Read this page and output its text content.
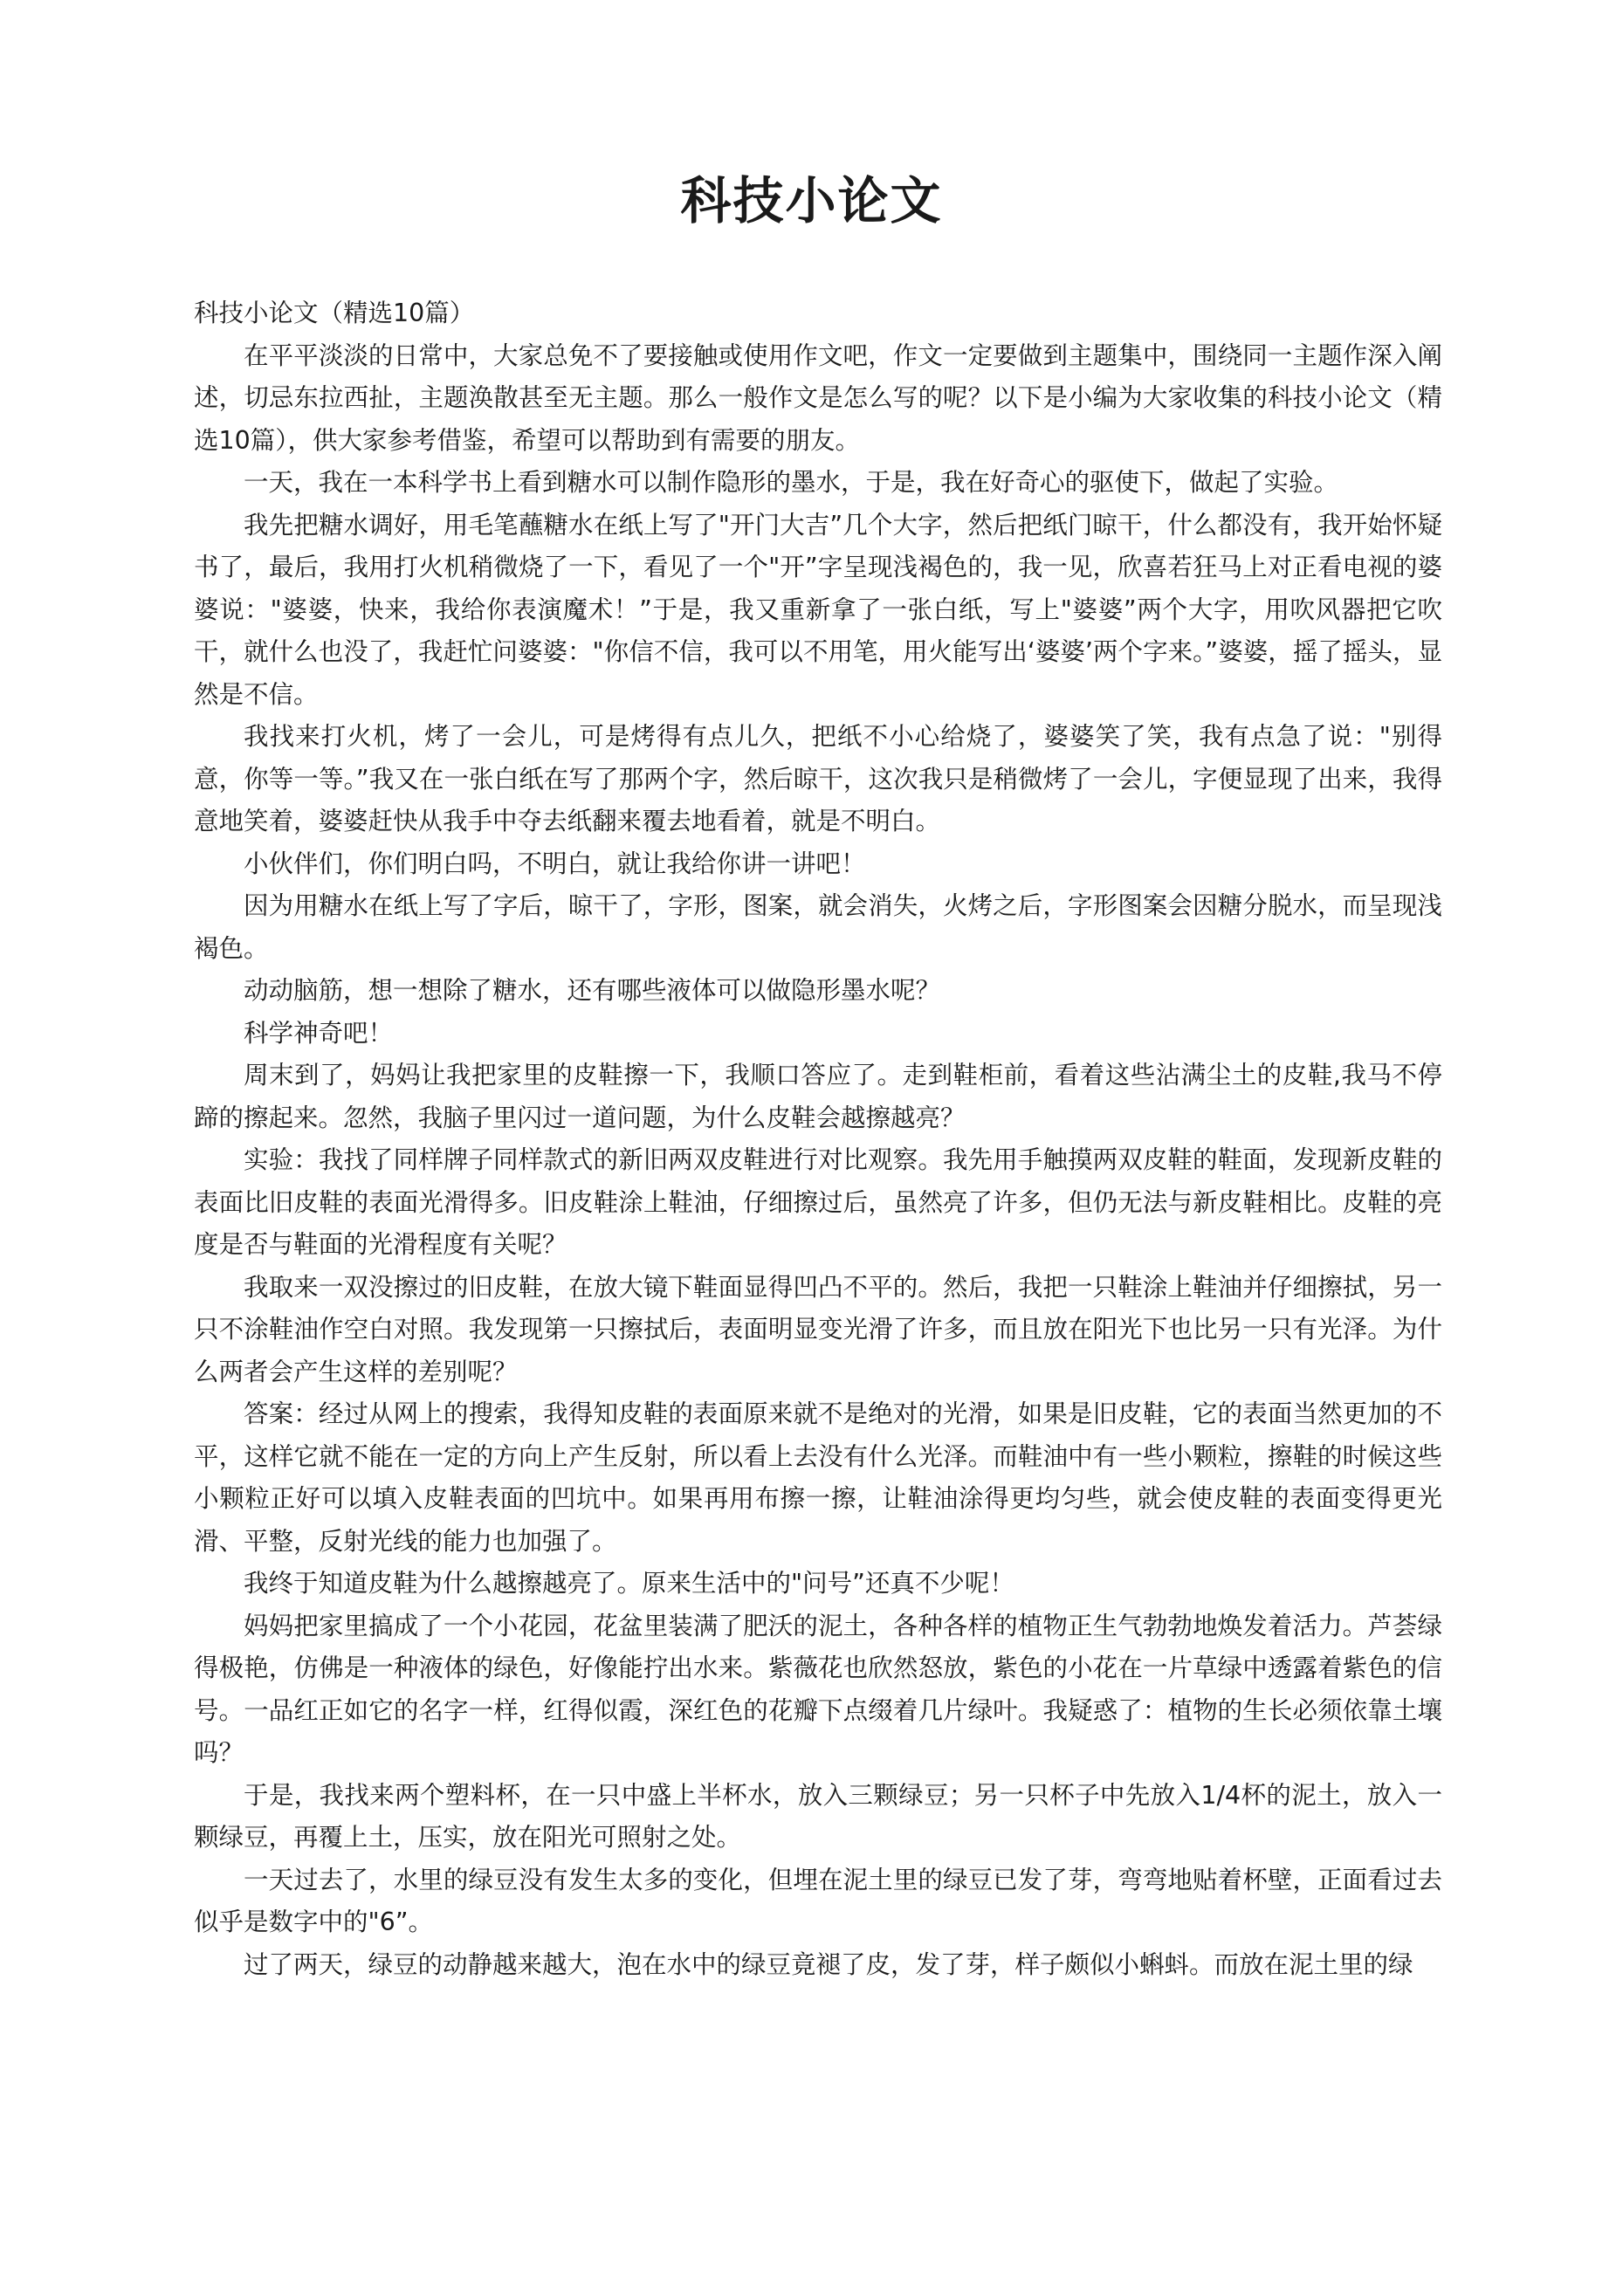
科技小论文

科技小论文（精选10篇）

在平平淡淡的日常中，大家总免不了要接触或使用作文吧，作文一定要做到主题集中，围绕同一主题作深入阐述，切忌东拉西扯，主题涣散甚至无主题。那么一般作文是怎么写的呢？以下是小编为大家收集的科技小论文（精选10篇），供大家参考借鉴，希望可以帮助到有需要的朋友。

一天，我在一本科学书上看到糖水可以制作隐形的墨水，于是，我在好奇心的驱使下，做起了实验。

我先把糖水调好，用毛笔蘸糖水在纸上写了"开门大吉”几个大字，然后把纸门晾干，什么都没有，我开始怀疑书了，最后，我用打火机稍微烧了一下，看见了一个"开”字呈现浅褐色的，我一见，欣喜若狂马上对正看电视的婆婆说："婆婆，快来，我给你表演魔术！”于是，我又重新拿了一张白纸，写上"婆婆”两个大字，用吹风器把它吹干，就什么也没了，我赶忙问婆婆："你信不信，我可以不用笔，用火能写出‘婆婆’两个字来。”婆婆，摇了摇头，显然是不信。

我找来打火机，烤了一会儿，可是烤得有点儿久，把纸不小心给烧了，婆婆笑了笑，我有点急了说："别得意，你等一等。”我又在一张白纸在写了那两个字，然后晾干，这次我只是稍微烤了一会儿，字便显现了出来，我得意地笑着，婆婆赶快从我手中夺去纸翻来覆去地看着，就是不明白。

小伙伴们，你们明白吗，不明白，就让我给你讲一讲吧！

因为用糖水在纸上写了字后，晾干了，字形，图案，就会消失，火烤之后，字形图案会因糖分脱水，而呈现浅褐色。

动动脑筋，想一想除了糖水，还有哪些液体可以做隐形墨水呢？

科学神奇吧！

周末到了，妈妈让我把家里的皮鞋擦一下，我顺口答应了。走到鞋柜前，看着这些沾满尘土的皮鞋,我马不停蹄的擦起来。忽然，我脑子里闪过一道问题，为什么皮鞋会越擦越亮？

实验：我找了同样牌子同样款式的新旧两双皮鞋进行对比观察。我先用手触摸两双皮鞋的鞋面，发现新皮鞋的表面比旧皮鞋的表面光滑得多。旧皮鞋涂上鞋油，仔细擦过后，虽然亮了许多，但仍无法与新皮鞋相比。皮鞋的亮度是否与鞋面的光滑程度有关呢？

我取来一双没擦过的旧皮鞋，在放大镜下鞋面显得凹凸不平的。然后，我把一只鞋涂上鞋油并仔细擦拭，另一只不涂鞋油作空白对照。我发现第一只擦拭后，表面明显变光滑了许多，而且放在阳光下也比另一只有光泽。为什么两者会产生这样的差别呢？

答案：经过从网上的搜索，我得知皮鞋的表面原来就不是绝对的光滑，如果是旧皮鞋，它的表面当然更加的不平，这样它就不能在一定的方向上产生反射，所以看上去没有什么光泽。而鞋油中有一些小颗粒，擦鞋的时候这些小颗粒正好可以填入皮鞋表面的凹坑中。如果再用布擦一擦，让鞋油涂得更均匀些，就会使皮鞋的表面变得更光滑、平整，反射光线的能力也加强了。

我终于知道皮鞋为什么越擦越亮了。原来生活中的"问号”还真不少呢！

妈妈把家里搞成了一个小花园，花盆里装满了肥沃的泥土，各种各样的植物正生气勃勃地焕发着活力。芦荟绿得极艳，仿佛是一种液体的绿色，好像能拧出水来。紫薇花也欣然怒放，紫色的小花在一片草绿中透露着紫色的信号。一品红正如它的名字一样，红得似霞，深红色的花瓣下点缀着几片绿叶。我疑惑了：植物的生长必须依靠土壤吗？

于是，我找来两个塑料杯，在一只中盛上半杯水，放入三颗绿豆；另一只杯子中先放入1/4杯的泥土，放入一颗绿豆，再覆上土，压实，放在阳光可照射之处。

一天过去了，水里的绿豆没有发生太多的变化，但埋在泥土里的绿豆已发了芽，弯弯地贴着杯壁，正面看过去似乎是数字中的"6”。

过了两天，绿豆的动静越来越大，泡在水中的绿豆竟褪了皮，发了芽，样子颇似小蝌蚪。而放在泥土里的绿
